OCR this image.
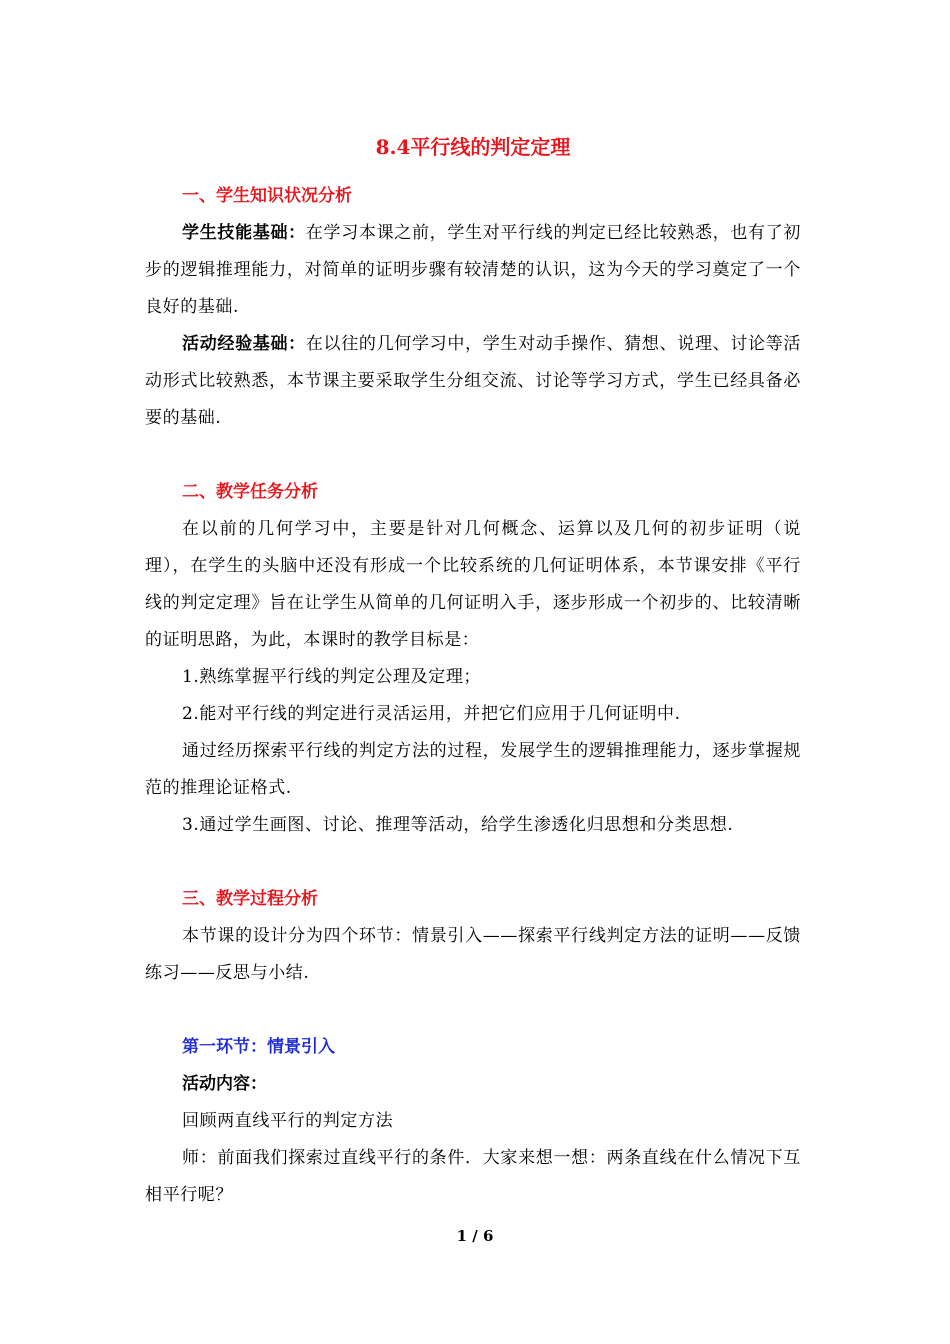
8.4平行线的判定定理
一、学生知识状况分析

学生技能基础：在学习本课之前，学生对平行线的判定已经比较熟悉，也有了初步的逻辑推理能力，对简单的证明步骤有较清楚的认识，这为今天的学习奠定了一个良好的基础.

活动经验基础：在以往的几何学习中，学生对动手操作、猜想、说理、讨论等活动形式比较熟悉，本节课主要采取学生分组交流、讨论等学习方式，学生已经具备必要的基础.

二、教学任务分析

在以前的几何学习中，主要是针对几何概念、运算以及几何的初步证明（说理），在学生的头脑中还没有形成一个比较系统的几何证明体系，本节课安排《平行线的判定定理》旨在让学生从简单的几何证明入手，逐步形成一个初步的、比较清晰的证明思路，为此，本课时的教学目标是：

1.熟练掌握平行线的判定公理及定理；

2.能对平行线的判定进行灵活运用，并把它们应用于几何证明中.

通过经历探索平行线的判定方法的过程，发展学生的逻辑推理能力，逐步掌握规范的推理论证格式.

3.通过学生画图、讨论、推理等活动，给学生渗透化归思想和分类思想.

三、教学过程分析

本节课的设计分为四个环节：情景引入——探索平行线判定方法的证明——反馈练习——反思与小结.

第一环节：情景引入
活动内容：

回顾两直线平行的判定方法

师：前面我们探索过直线平行的条件．大家来想一想：两条直线在什么情况下互相平行呢？

1 / 6
